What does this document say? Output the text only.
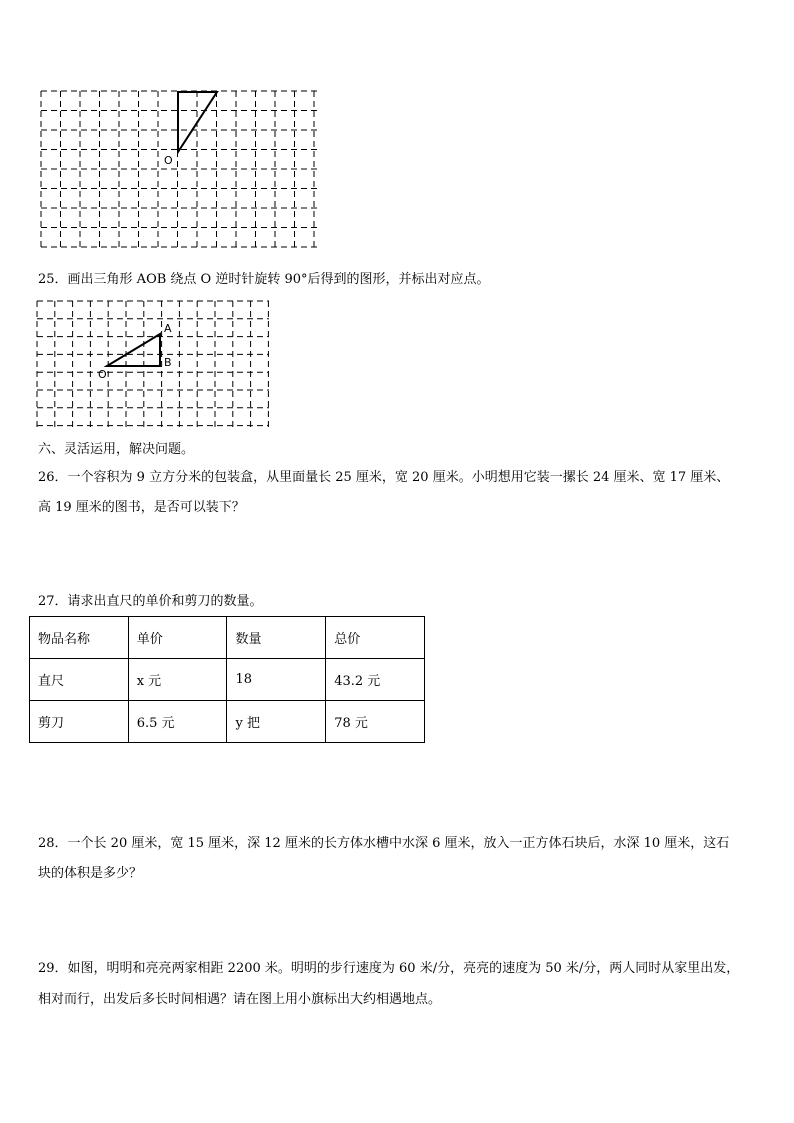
O
25．画出三角形 AOB 绕点 O 逆时针旋转 90°后得到的图形，并标出对应点。
A
B
O
六、灵活运用，解决问题。
26．一个容积为 9 立方分米的包装盒，从里面量长 25 厘米，宽 20 厘米。小明想用它装一摞长 24 厘米、宽 17 厘米、
高 19 厘米的图书，是否可以装下？
27．请求出直尺的单价和剪刀的数量。
物品名称	单价	数量	总价
直尺	x 元	18	43.2 元
剪刀	6.5 元	y 把	78 元
28．一个长 20 厘米，宽 15 厘米，深 12 厘米的长方体水槽中水深 6 厘米，放入一正方体石块后，水深 10 厘米，这石
块的体积是多少？
29．如图，明明和亮亮两家相距 2200 米。明明的步行速度为 60 米/分，亮亮的速度为 50 米/分，两人同时从家里出发，
相对而行，出发后多长时间相遇？请在图上用小旗标出大约相遇地点。
